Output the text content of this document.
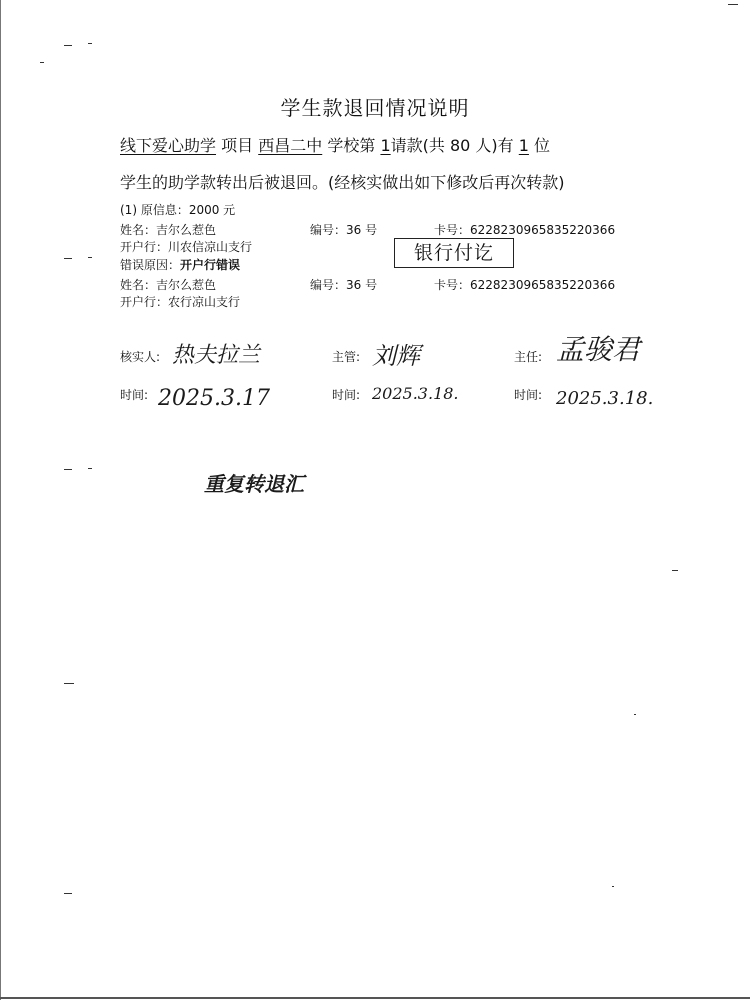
学生款退回情况说明
线下爱心助学 项目 西昌二中 学校第 1请款(共 80 人)有 1 位
学生的助学款转出后被退回。(经核实做出如下修改后再次转款)
(1) 原信息：2000 元
姓名：吉尔么惹色	编号：36 号	卡号：6228230965835220366
开户行：川农信凉山支行	银行付讫
错误原因：开户行错误
姓名：吉尔么惹色	编号：36 号	卡号：6228230965835220366
开户行：农行凉山支行
核实人: 热夫拉兰	主管: 刘辉	主任: 孟骏君
时间: 2025.3.17	时间: 2025.3.18.	时间: 2025.3.18.
重复转退汇
